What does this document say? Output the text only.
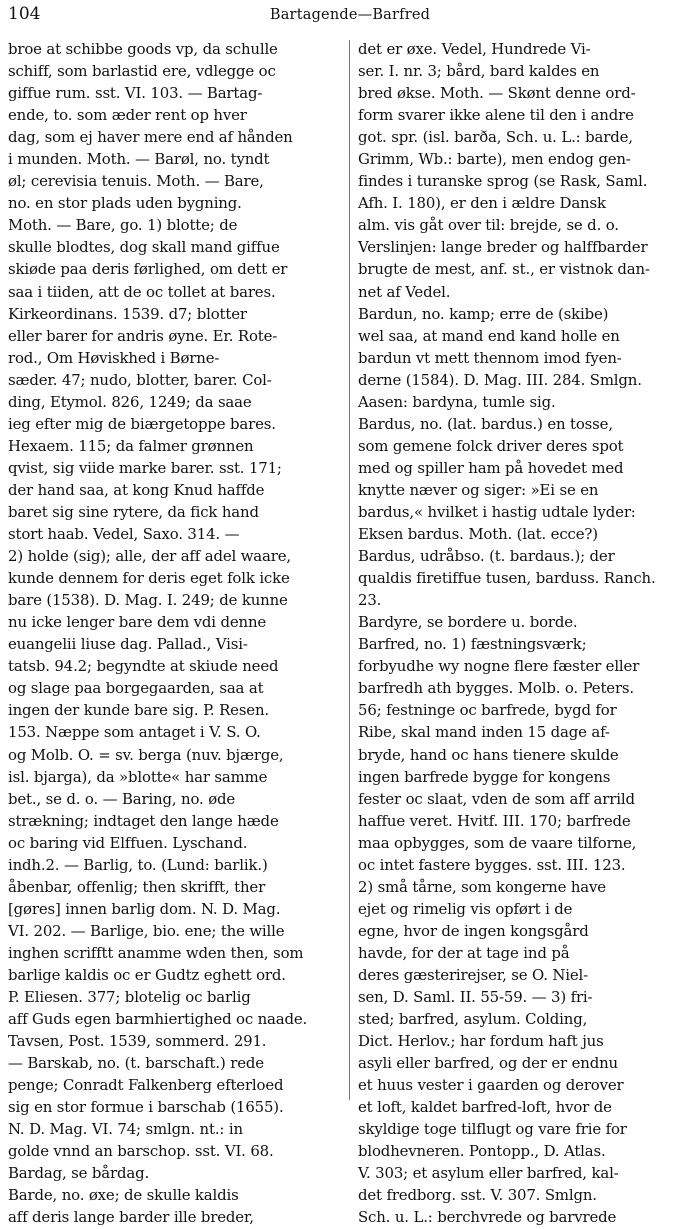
104	Bartagende—Barfred
broe at schibbe goods vp, da schulle
schiff, som barlastid ere, vdlegge oc
giffue rum. sst. VI. 103. — Bartag-
ende, to. som æder rent op hver
dag, som ej haver mere end af hånden
i munden. Moth. — Barøl, no. tyndt
øl; cerevisia tenuis. Moth. — Bare,
no. en stor plads uden bygning.
Moth. — Bare, go. 1) blotte; de
skulle blodtes, dog skall mand giffue
skiøde paa deris førlighed, om dett er
saa i tiiden, att de oc tollet at bares.
Kirkeordinans. 1539. d7; blotter
eller barer for andris øyne. Er. Rote-
rod., Om Høviskhed i Børne-
sæder. 47; nudo, blotter, barer. Col-
ding, Etymol. 826, 1249; da saae
ieg efter mig de biærgetoppe bares.
Hexaem. 115; da falmer grønnen
qvist, sig viide marke barer. sst. 171;
der hand saa, at kong Knud haffde
baret sig sine rytere, da fick hand
stort haab. Vedel, Saxo. 314. —
2) holde (sig); alle, der aff adel waare,
kunde dennem for deris eget folk icke
bare (1538). D. Mag. I. 249; de kunne
nu icke lenger bare dem vdi denne
euangelii liuse dag. Pallad., Visi-
tatsb. 94.2; begyndte at skiude need
og slage paa borgegaarden, saa at
ingen der kunde bare sig. P. Resen.
153. Næppe som antaget i V. S. O.
og Molb. O. = sv. berga (nuv. bjærge,
isl. bjarga), da »blotte« har samme
bet., se d. o. — Baring, no. øde
strækning; indtaget den lange hæde
oc baring vid Elffuen. Lyschand.
indh.2. — Barlig, to. (Lund: barlik.)
åbenbar, offenlig; then skrifft, ther
[gøres] innen barlig dom. N. D. Mag.
VI. 202. — Barlige, bio. ene; the wille
inghen scrifftt anamme wden then, som
barlige kaldis oc er Gudtz eghett ord.
P. Eliesen. 377; blotelig oc barlig
aff Guds egen barmhiertighed oc naade.
Tavsen, Post. 1539, sommerd. 291.
— Barskab, no. (t. barschaft.) rede
penge; Conradt Falkenberg efterloed
sig en stor formue i barschab (1655).
N. D. Mag. VI. 74; smlgn. nt.: in
golde vnnd an barschop. sst. VI. 68.
Bardag, se bårdag.
Barde, no. øxe; de skulle kaldis
aff deris lange barder ille breder,
det er øxe. Vedel, Hundrede Vi-
ser. I. nr. 3; bård, bard kaldes en
bred økse. Moth. — Skønt denne ord-
form svarer ikke alene til den i andre
got. spr. (isl. barða, Sch. u. L.: barde,
Grimm, Wb.: barte), men endog gen-
findes i turanske sprog (se Rask, Saml.
Afh. I. 180), er den i ældre Dansk
alm. vis gåt over til: brejde, se d. o.
Verslinjen: lange breder og halffbarder
brugte de mest, anf. st., er vistnok dan-
net af Vedel.
Bardun, no. kamp; erre de (skibe)
wel saa, at mand end kand holle en
bardun vt mett thennom imod fyen-
derne (1584). D. Mag. III. 284. Smlgn.
Aasen: bardyna, tumle sig.
Bardus, no. (lat. bardus.) en tosse,
som gemene folck driver deres spot
med og spiller ham på hovedet med
knytte næver og siger: »Ei se en
bardus,« hvilket i hastig udtale lyder:
Eksen bardus. Moth. (lat. ecce?)
Bardus, udråbso. (t. bardaus.); der
qualdis firetiffue tusen, barduss. Ranch.
23.
Bardyre, se bordere u. borde.
Barfred, no. 1) fæstningsværk;
forbyudhe wy nogne flere fæster eller
barfredh ath bygges. Molb. o. Peters.
56; festninge oc barfrede, bygd for
Ribe, skal mand inden 15 dage af-
bryde, hand oc hans tienere skulde
ingen barfrede bygge for kongens
fester oc slaat, vden de som aff arrild
haffue veret. Hvitf. III. 170; barfrede
maa opbygges, som de vaare tilforne,
oc intet fastere bygges. sst. III. 123.
2) små tårne, som kongerne have
ejet og rimelig vis opført i de
egne, hvor de ingen kongsgård
havde, for der at tage ind på
deres gæsterirejser, se O. Niel-
sen, D. Saml. II. 55-59. — 3) fri-
sted; barfred, asylum. Colding,
Dict. Herlov.; har fordum haft jus
asyli eller barfred, og der er endnu
et huus vester i gaarden og derover
et loft, kaldet barfred-loft, hvor de
skyldige toge tilflugt og vare frie for
blodhevneren. Pontopp., D. Atlas.
V. 303; et asylum eller barfred, kal-
det fredborg. sst. V. 307. Smlgn.
Sch. u. L.: berchvrede og barvrede
